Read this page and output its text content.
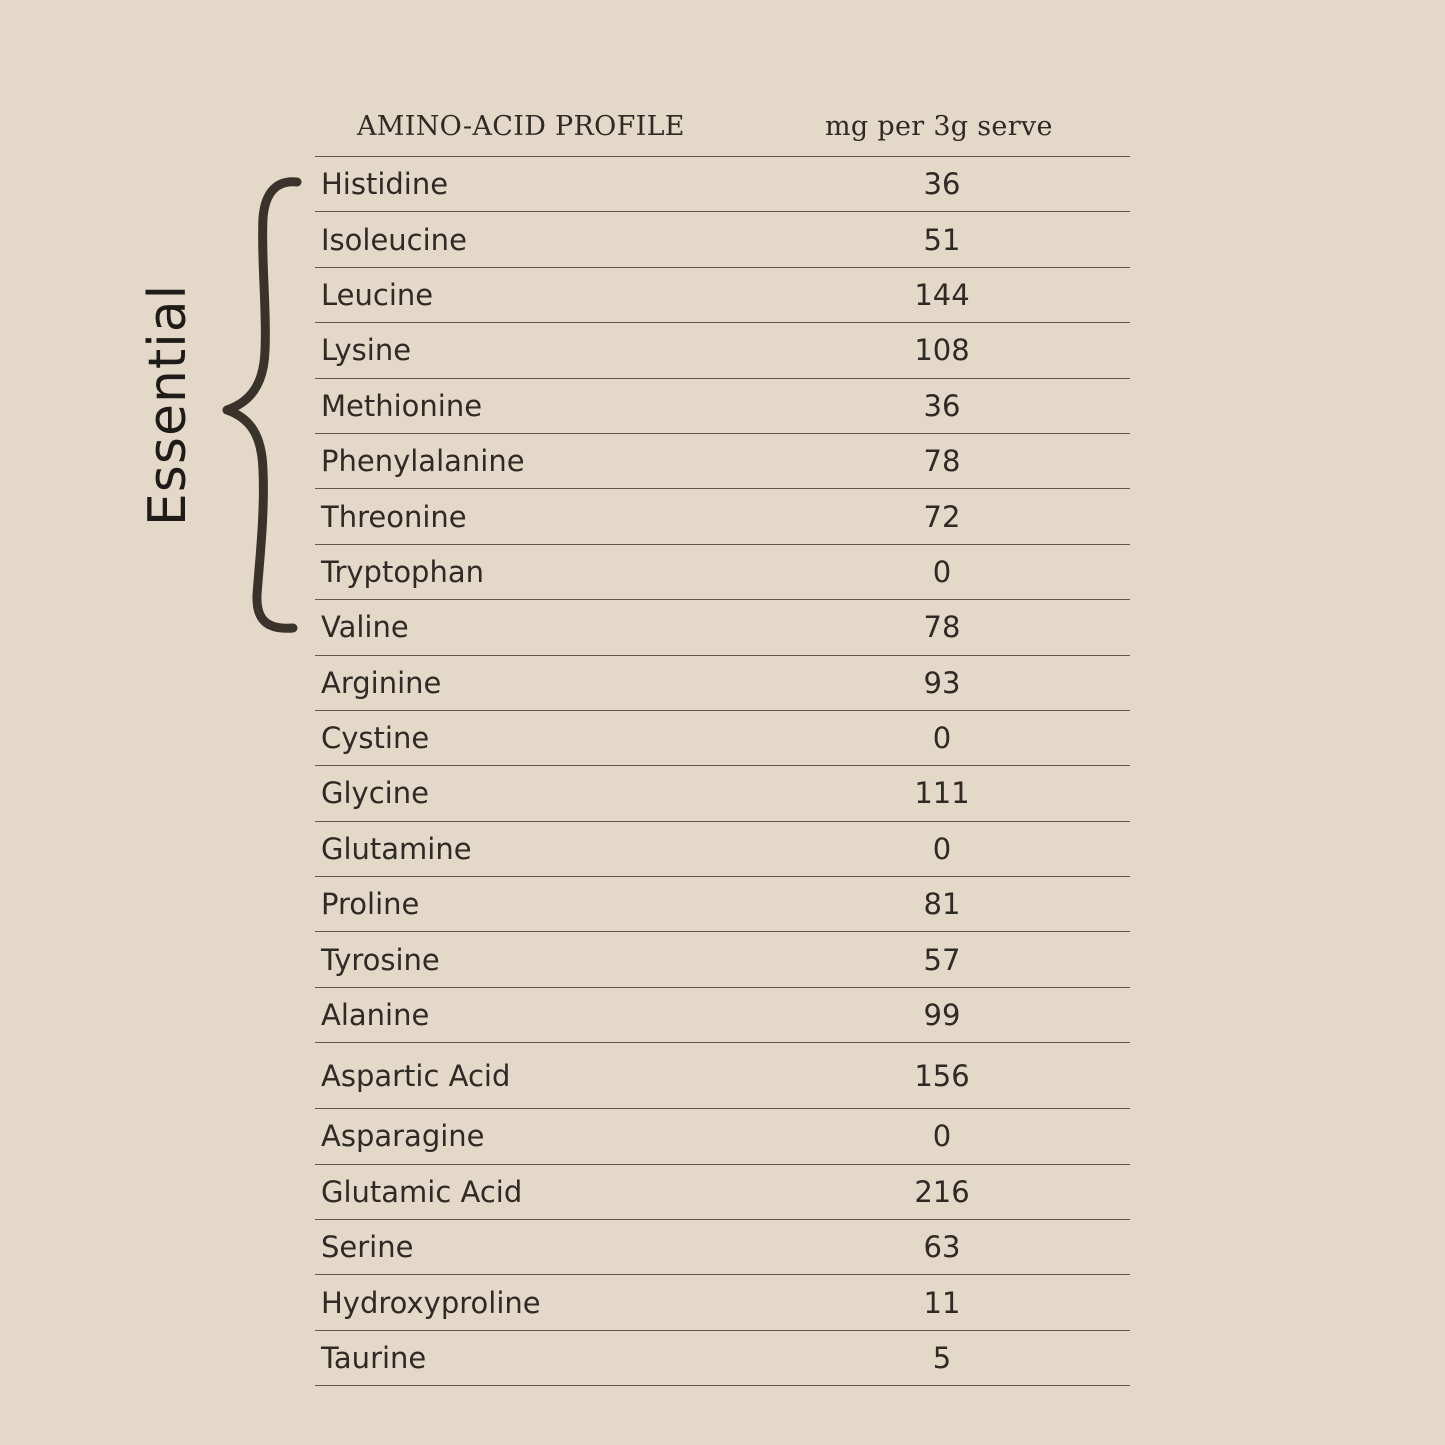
Essential
AMINO-ACID PROFILE	mg per 3g serve
Histidine	36
Isoleucine	51
Leucine	144
Lysine	108
Methionine	36
Phenylalanine	78
Threonine	72
Tryptophan	0
Valine	78
Arginine	93
Cystine	0
Glycine	111
Glutamine	0
Proline	81
Tyrosine	57
Alanine	99
Aspartic Acid	156
Asparagine	0
Glutamic Acid	216
Serine	63
Hydroxyproline	11
Taurine	5
